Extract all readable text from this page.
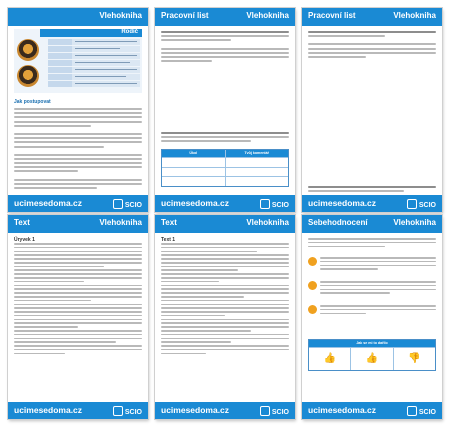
Vlehokniha
Rodič
Jak postupovat
ucimesedoma.cz	SCIO
Pracovní list	Vlehokniha
Úkol	Tvůj komentář
ucimesedoma.cz	SCIO
Pracovní list	Vlehokniha
ucimesedoma.cz	SCIO
Text	Vlehokniha
Úryvek 1
ucimesedoma.cz	SCIO
Text	Vlehokniha
Text 1
ucimesedoma.cz	SCIO
Sebehodnocení	Vlehokniha
Jak se mi to dařilo
👍	👍	👎
ucimesedoma.cz	SCIO
